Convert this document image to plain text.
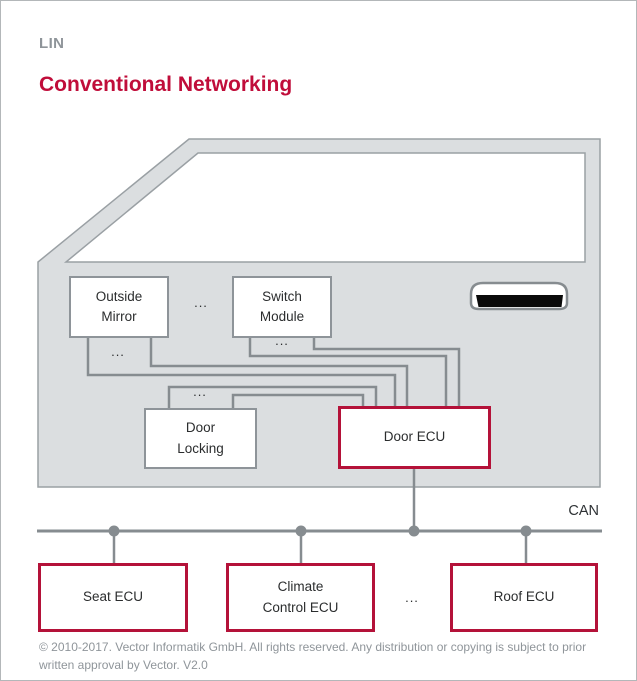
LIN
Conventional Networking
Outside Mirror
Switch Module
Door Locking
Door ECU
...
...
...
...
...
CAN
Seat ECU
Climate Control ECU
Roof ECU
© 2010-2017. Vector Informatik GmbH. All rights reserved. Any distribution or copying is subject to prior written approval by Vector. V2.0
